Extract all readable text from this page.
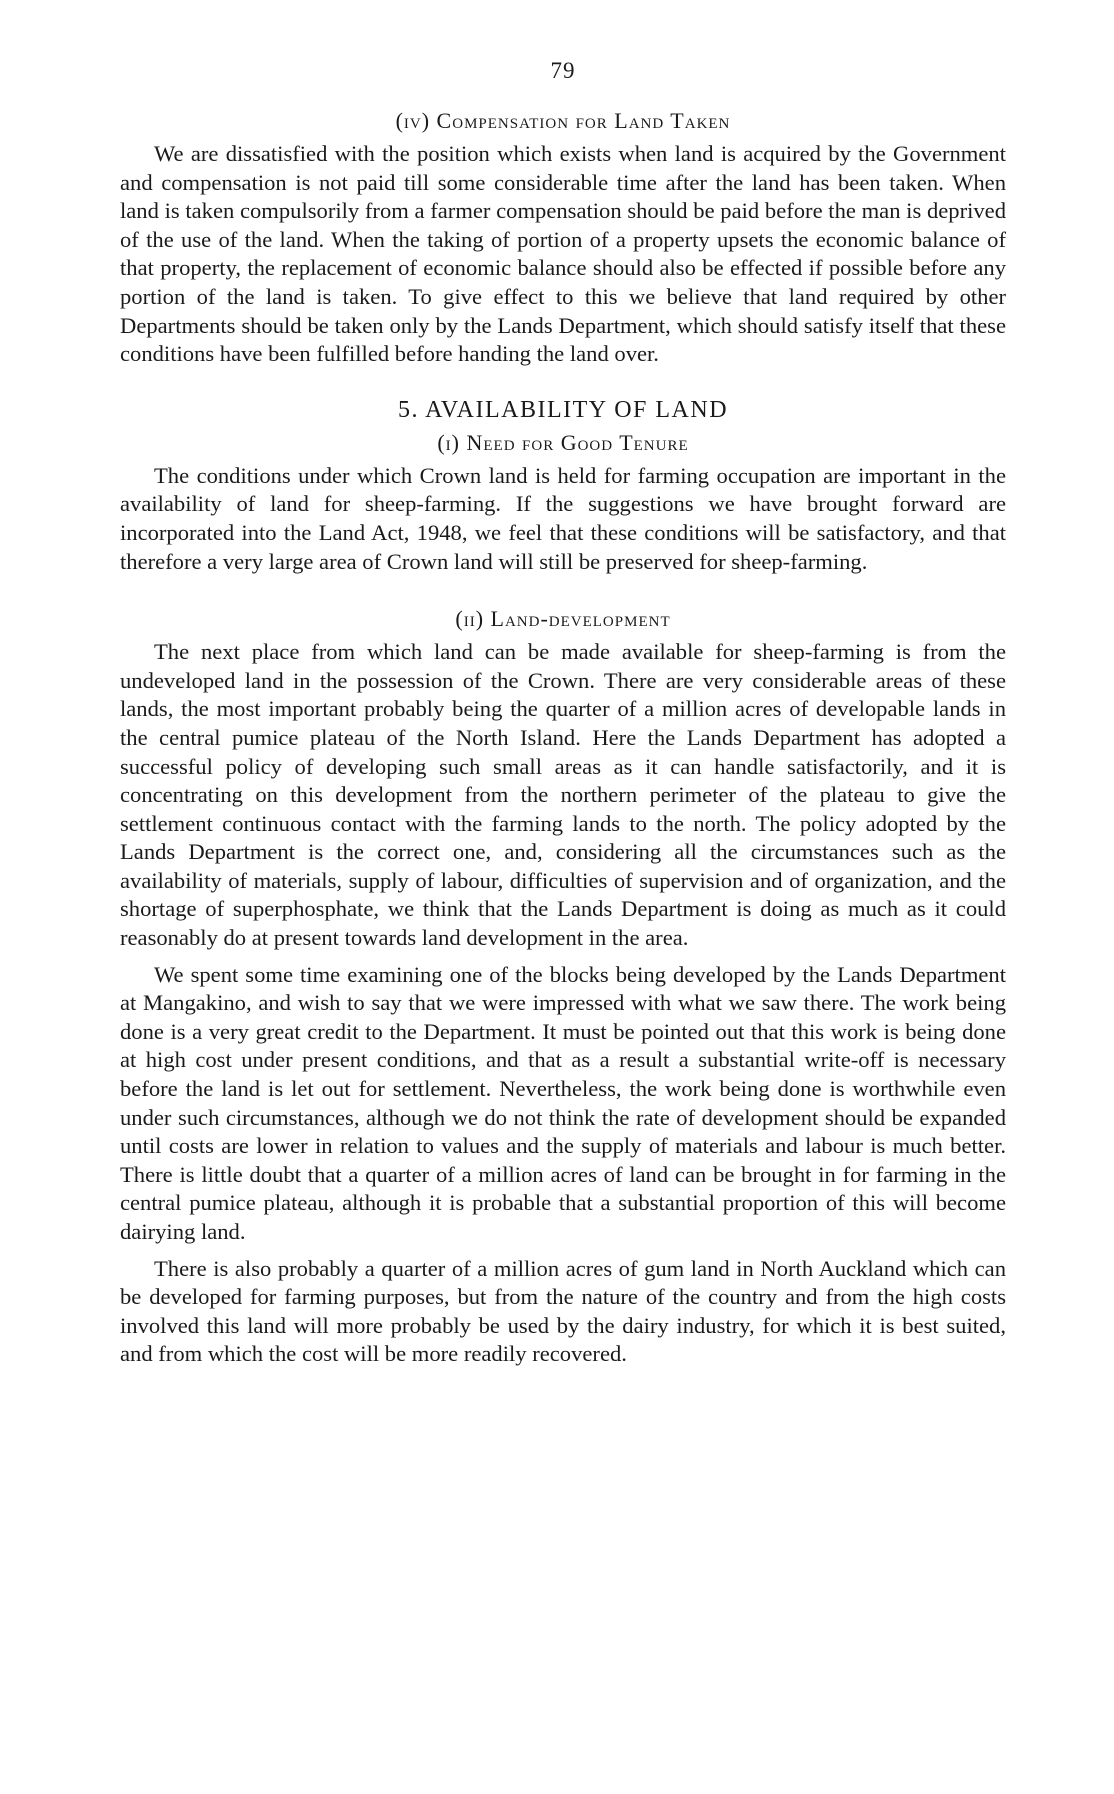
79
(iv) Compensation for Land Taken

We are dissatisfied with the position which exists when land is acquired by the Government and compensation is not paid till some considerable time after the land has been taken. When land is taken compulsorily from a farmer compensation should be paid before the man is deprived of the use of the land. When the taking of portion of a property upsets the economic balance of that property, the replacement of economic balance should also be effected if possible before any portion of the land is taken. To give effect to this we believe that land required by other Departments should be taken only by the Lands Department, which should satisfy itself that these conditions have been fulfilled before handing the land over.

5. AVAILABILITY OF LAND
(i) Need for Good Tenure

The conditions under which Crown land is held for farming occupation are important in the availability of land for sheep-farming. If the suggestions we have brought forward are incorporated into the Land Act, 1948, we feel that these conditions will be satisfactory, and that therefore a very large area of Crown land will still be preserved for sheep-farming.

(ii) Land-development

The next place from which land can be made available for sheep-farming is from the undeveloped land in the possession of the Crown. There are very considerable areas of these lands, the most important probably being the quarter of a million acres of developable lands in the central pumice plateau of the North Island. Here the Lands Department has adopted a successful policy of developing such small areas as it can handle satisfactorily, and it is concentrating on this development from the northern perimeter of the plateau to give the settlement continuous contact with the farming lands to the north. The policy adopted by the Lands Department is the correct one, and, considering all the circumstances such as the availability of materials, supply of labour, difficulties of supervision and of organization, and the shortage of superphosphate, we think that the Lands Department is doing as much as it could reasonably do at present towards land development in the area.

We spent some time examining one of the blocks being developed by the Lands Department at Mangakino, and wish to say that we were impressed with what we saw there. The work being done is a very great credit to the Department. It must be pointed out that this work is being done at high cost under present conditions, and that as a result a substantial write-off is necessary before the land is let out for settlement. Nevertheless, the work being done is worthwhile even under such circumstances, although we do not think the rate of development should be expanded until costs are lower in relation to values and the supply of materials and labour is much better. There is little doubt that a quarter of a million acres of land can be brought in for farming in the central pumice plateau, although it is probable that a substantial proportion of this will become dairying land.

There is also probably a quarter of a million acres of gum land in North Auckland which can be developed for farming purposes, but from the nature of the country and from the high costs involved this land will more probably be used by the dairy industry, for which it is best suited, and from which the cost will be more readily recovered.
